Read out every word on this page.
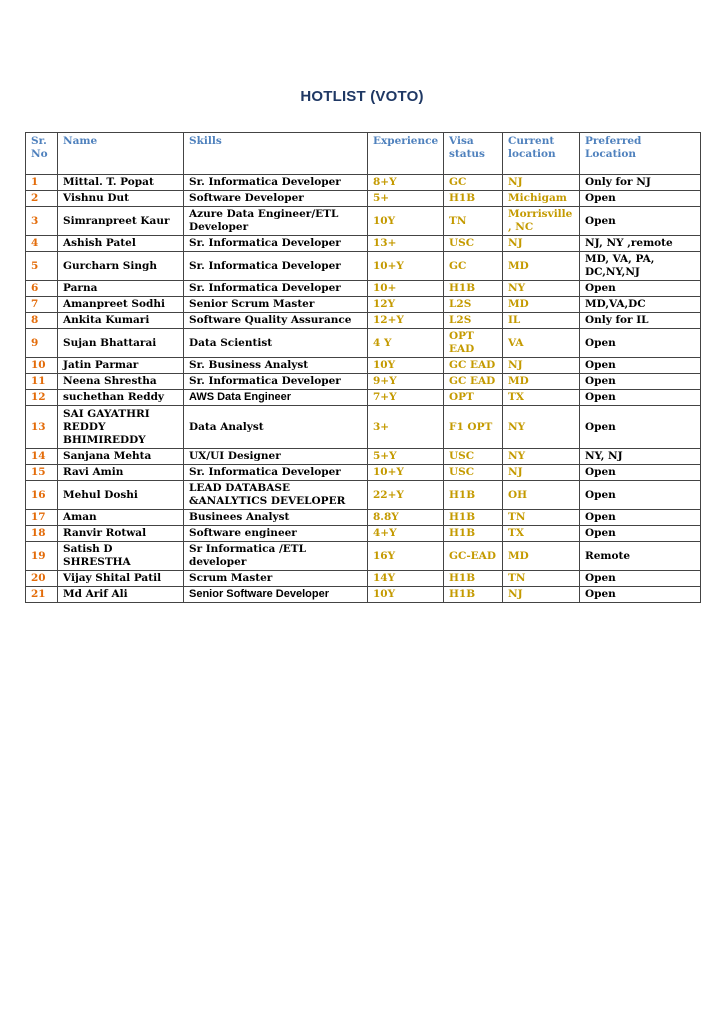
HOTLIST (VOTO)
Sr. No	Name	Skills	Experience	Visa status	Current location	Preferred Location
1	Mittal. T. Popat	Sr. Informatica Developer	8+Y	GC	NJ	Only for NJ
2	Vishnu Dut	Software Developer	5+	H1B	Michigam	Open
3	Simranpreet Kaur	Azure Data Engineer/ETL Developer	10Y	TN	Morrisville , NC	Open
4	Ashish Patel	Sr. Informatica Developer	13+	USC	NJ	NJ, NY ,remote
5	Gurcharn Singh	Sr. Informatica Developer	10+Y	GC	MD	MD, VA, PA, DC,NY,NJ
6	Parna	Sr. Informatica Developer	10+	H1B	NY	Open
7	Amanpreet Sodhi	Senior Scrum Master	12Y	L2S	MD	MD,VA,DC
8	Ankita Kumari	Software Quality Assurance	12+Y	L2S	IL	Only for IL
9	Sujan Bhattarai	Data Scientist	4 Y	OPT EAD	VA	Open
10	Jatin Parmar	Sr. Business Analyst	10Y	GC EAD	NJ	Open
11	Neena Shrestha	Sr. Informatica Developer	9+Y	GC EAD	MD	Open
12	suchethan Reddy	AWS Data Engineer	7+Y	OPT	TX	Open
13	SAI GAYATHRI REDDY BHIMIREDDY	Data Analyst	3+	F1 OPT	NY	Open
14	Sanjana Mehta	UX/UI Designer	5+Y	USC	NY	NY, NJ
15	Ravi Amin	Sr. Informatica Developer	10+Y	USC	NJ	Open
16	Mehul Doshi	LEAD DATABASE &ANALYTICS DEVELOPER	22+Y	H1B	OH	Open
17	Aman	Businees Analyst	8.8Y	H1B	TN	Open
18	Ranvir Rotwal	Software engineer	4+Y	H1B	TX	Open
19	Satish D SHRESTHA	Sr Informatica /ETL developer	16Y	GC-EAD	MD	Remote
20	Vijay Shital Patil	Scrum Master	14Y	H1B	TN	Open
21	Md Arif Ali	Senior Software Developer	10Y	H1B	NJ	Open
